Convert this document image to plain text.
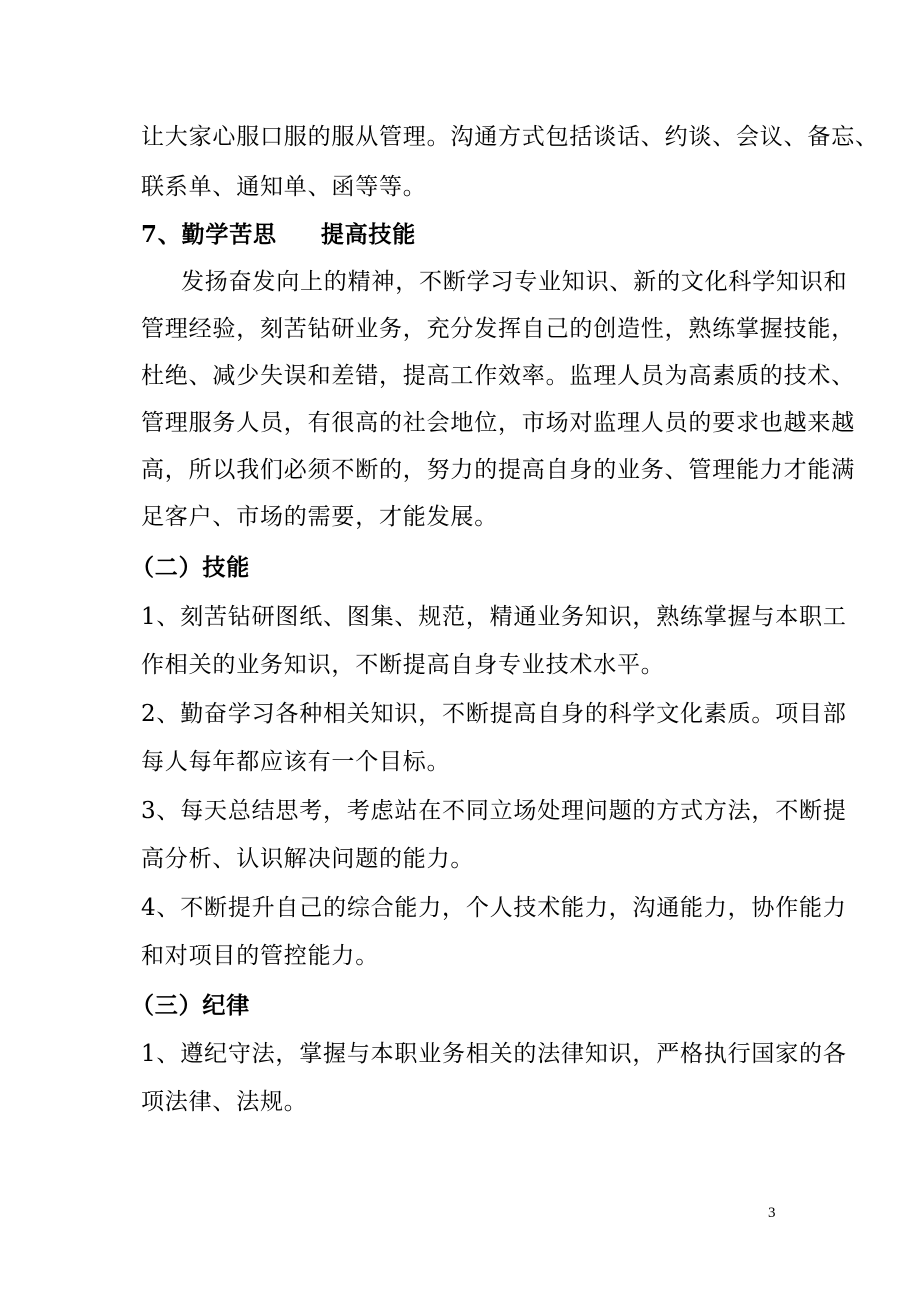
让大家心服口服的服从管理。沟通方式包括谈话、约谈、会议、备忘、
联系单、通知单、函等等。
7、勤学苦思 提高技能
发扬奋发向上的精神，不断学习专业知识、新的文化科学知识和
管理经验，刻苦钻研业务，充分发挥自己的创造性，熟练掌握技能，
杜绝、减少失误和差错，提高工作效率。监理人员为高素质的技术、
管理服务人员，有很高的社会地位，市场对监理人员的要求也越来越
高，所以我们必须不断的，努力的提高自身的业务、管理能力才能满
足客户、市场的需要，才能发展。
（二）技能
1、刻苦钻研图纸、图集、规范，精通业务知识，熟练掌握与本职工
作相关的业务知识，不断提高自身专业技术水平。
2、勤奋学习各种相关知识，不断提高自身的科学文化素质。项目部
每人每年都应该有一个目标。
3、每天总结思考，考虑站在不同立场处理问题的方式方法，不断提
高分析、认识解决问题的能力。
4、不断提升自己的综合能力，个人技术能力，沟通能力，协作能力
和对项目的管控能力。
（三）纪律
1、遵纪守法，掌握与本职业务相关的法律知识，严格执行国家的各
项法律、法规。
3
